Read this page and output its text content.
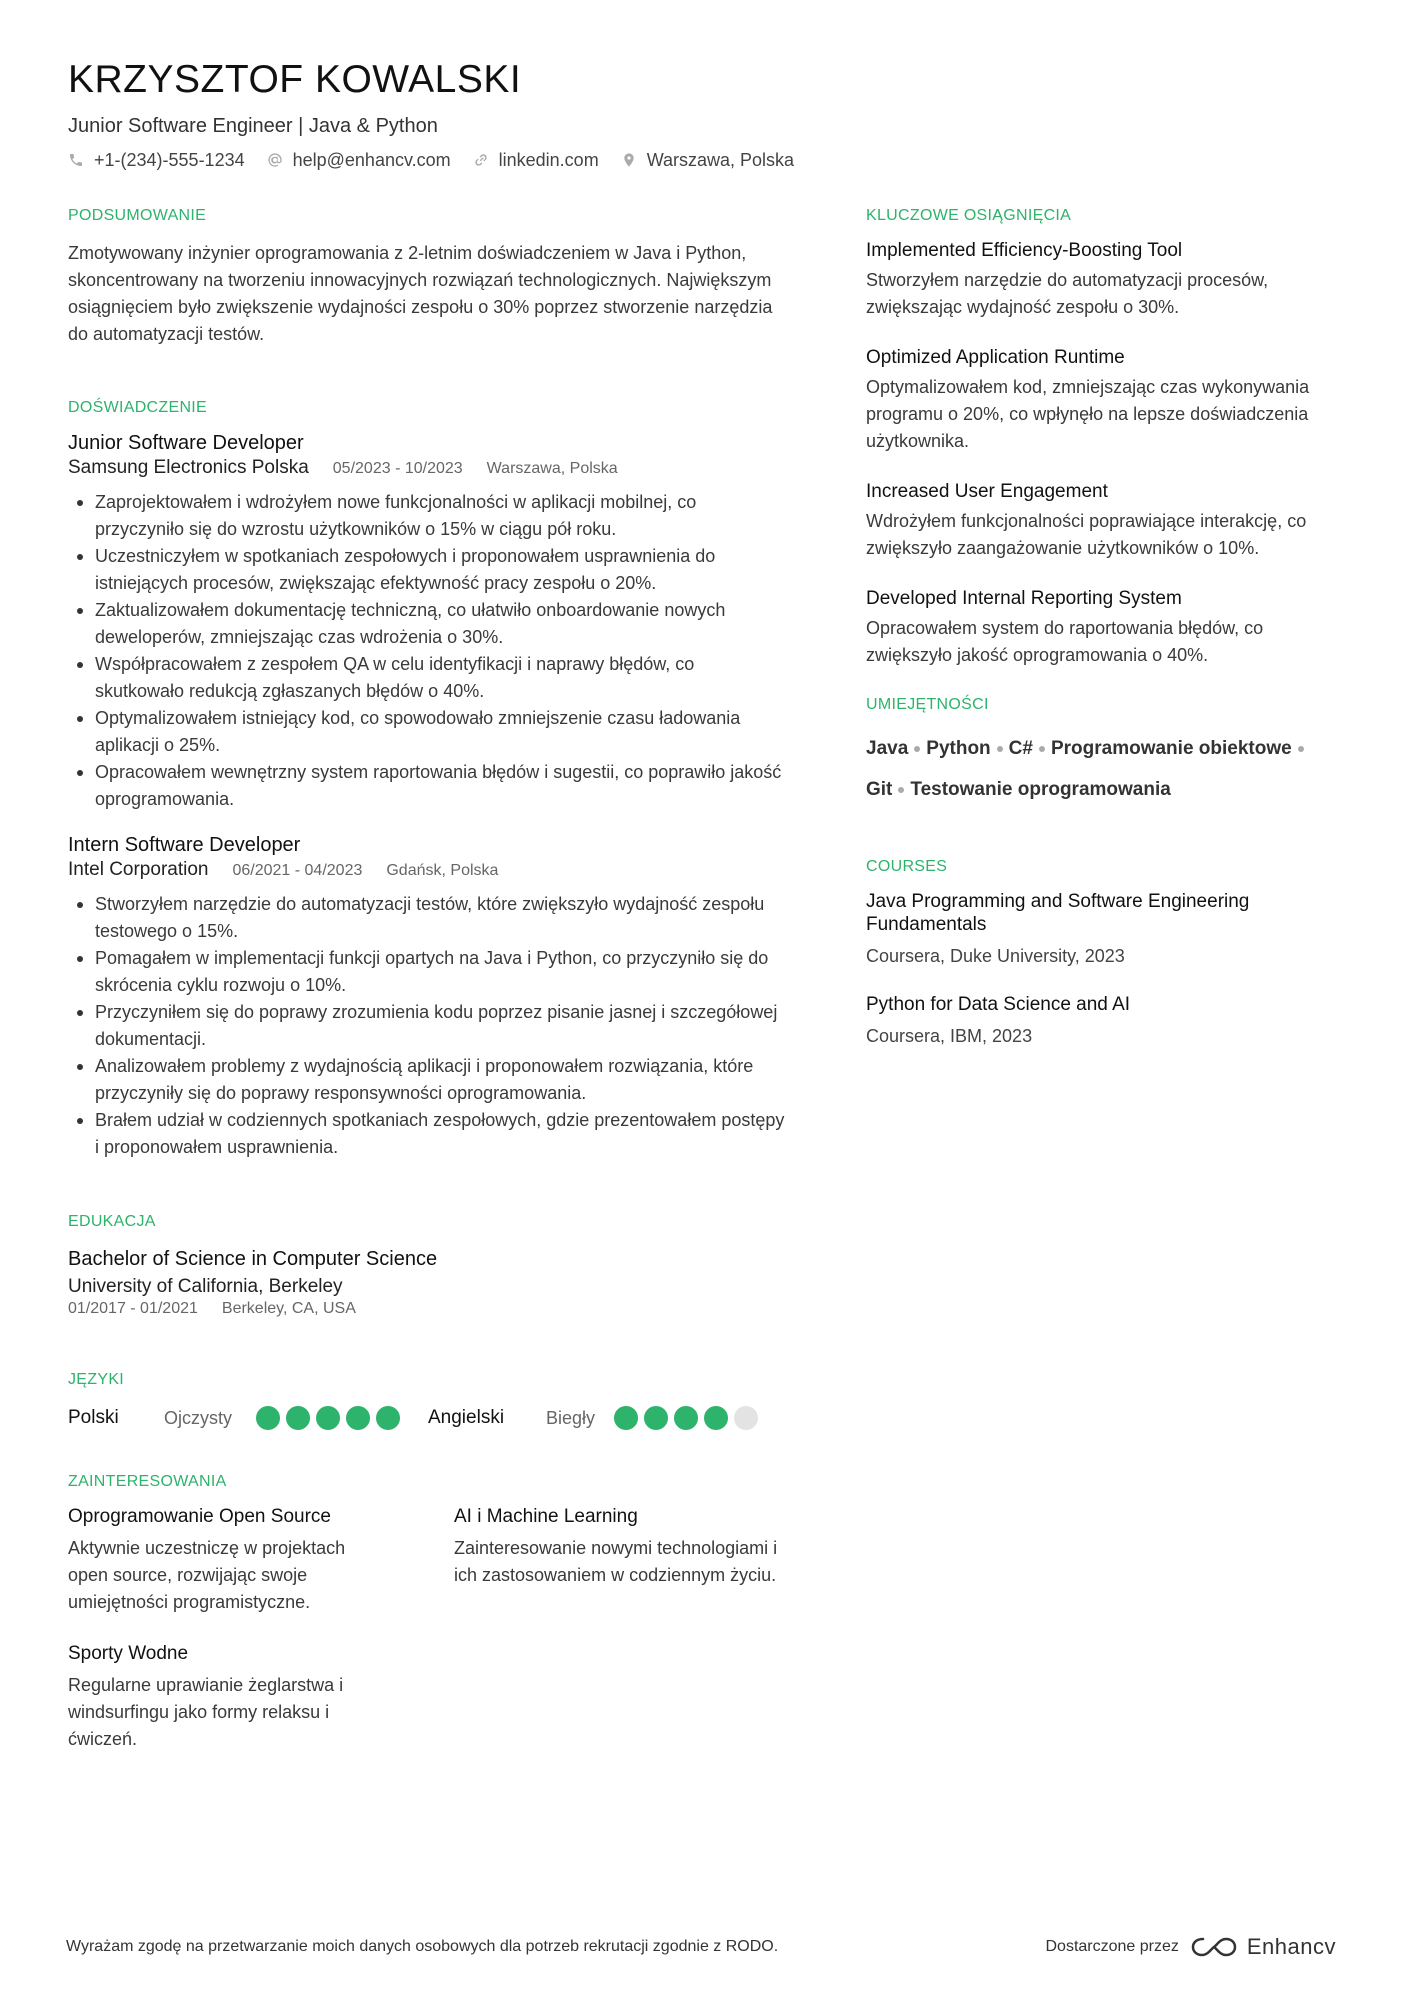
KRZYSZTOF KOWALSKI
Junior Software Engineer | Java & Python
+1-(234)-555-1234	help@enhancv.com	linkedin.com	Warszawa, Polska
PODSUMOWANIE
Zmotywowany inżynier oprogramowania z 2-letnim doświadczeniem w Java i Python, skoncentrowany na tworzeniu innowacyjnych rozwiązań technologicznych. Największym osiągnięciem było zwiększenie wydajności zespołu o 30% poprzez stworzenie narzędzia do automatyzacji testów.
DOŚWIADCZENIE
Junior Software Developer
Samsung Electronics Polska 05/2023 - 10/2023 Warszawa, Polska
Zaprojektowałem i wdrożyłem nowe funkcjonalności w aplikacji mobilnej, co przyczyniło się do wzrostu użytkowników o 15% w ciągu pół roku.
Uczestniczyłem w spotkaniach zespołowych i proponowałem usprawnienia do istniejących procesów, zwiększając efektywność pracy zespołu o 20%.
Zaktualizowałem dokumentację techniczną, co ułatwiło onboardowanie nowych deweloperów, zmniejszając czas wdrożenia o 30%.
Współpracowałem z zespołem QA w celu identyfikacji i naprawy błędów, co skutkowało redukcją zgłaszanych błędów o 40%.
Optymalizowałem istniejący kod, co spowodowało zmniejszenie czasu ładowania aplikacji o 25%.
Opracowałem wewnętrzny system raportowania błędów i sugestii, co poprawiło jakość oprogramowania.
Intern Software Developer
Intel Corporation 06/2021 - 04/2023 Gdańsk, Polska
Stworzyłem narzędzie do automatyzacji testów, które zwiększyło wydajność zespołu testowego o 15%.
Pomagałem w implementacji funkcji opartych na Java i Python, co przyczyniło się do skrócenia cyklu rozwoju o 10%.
Przyczyniłem się do poprawy zrozumienia kodu poprzez pisanie jasnej i szczegółowej dokumentacji.
Analizowałem problemy z wydajnością aplikacji i proponowałem rozwiązania, które przyczyniły się do poprawy responsywności oprogramowania.
Brałem udział w codziennych spotkaniach zespołowych, gdzie prezentowałem postępy i proponowałem usprawnienia.
EDUKACJA
Bachelor of Science in Computer Science
University of California, Berkeley
01/2017 - 01/2021 Berkeley, CA, USA
JĘZYKI
Polski	Ojczysty	Angielski	Biegły
ZAINTERESOWANIA
Oprogramowanie Open Source
Aktywnie uczestniczę w projektach open source, rozwijając swoje umiejętności programistyczne.
AI i Machine Learning
Zainteresowanie nowymi technologiami i ich zastosowaniem w codziennym życiu.
Sporty Wodne
Regularne uprawianie żeglarstwa i windsurfingu jako formy relaksu i ćwiczeń.
KLUCZOWE OSIĄGNIĘCIA
Implemented Efficiency-Boosting Tool
Stworzyłem narzędzie do automatyzacji procesów, zwiększając wydajność zespołu o 30%.
Optimized Application Runtime
Optymalizowałem kod, zmniejszając czas wykonywania programu o 20%, co wpłynęło na lepsze doświadczenia użytkownika.
Increased User Engagement
Wdrożyłem funkcjonalności poprawiające interakcję, co zwiększyło zaangażowanie użytkowników o 10%.
Developed Internal Reporting System
Opracowałem system do raportowania błędów, co zwiększyło jakość oprogramowania o 40%.
UMIEJĘTNOŚCI
Java Python C# Programowanie obiektowe
Git Testowanie oprogramowania
COURSES
Java Programming and Software Engineering Fundamentals
Coursera, Duke University, 2023
Python for Data Science and AI
Coursera, IBM, 2023
Wyrażam zgodę na przetwarzanie moich danych osobowych dla potrzeb rekrutacji zgodnie z RODO.	Dostarczone przez	Enhancv
